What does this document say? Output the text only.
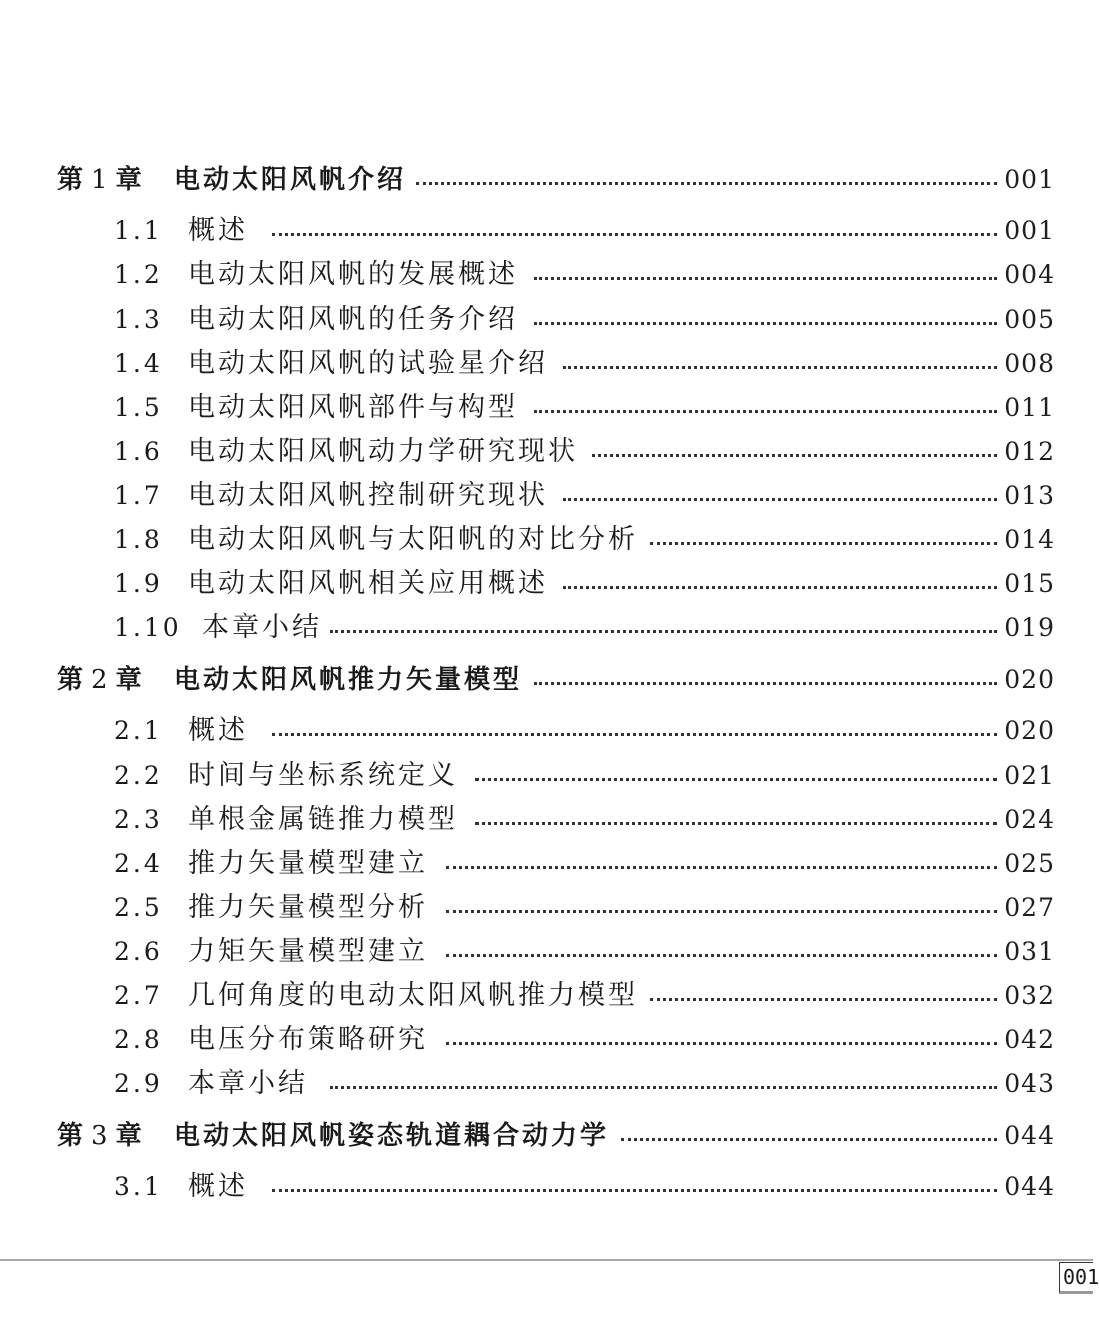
第 1 章 电动太阳风帆介绍	001
1.1 概述	001
1.2 电动太阳风帆的发展概述	004
1.3 电动太阳风帆的任务介绍	005
1.4 电动太阳风帆的试验星介绍	008
1.5 电动太阳风帆部件与构型	011
1.6 电动太阳风帆动力学研究现状	012
1.7 电动太阳风帆控制研究现状	013
1.8 电动太阳风帆与太阳帆的对比分析	014
1.9 电动太阳风帆相关应用概述	015
1.10 本章小结	019
第 2 章 电动太阳风帆推力矢量模型	020
2.1 概述	020
2.2 时间与坐标系统定义	021
2.3 单根金属链推力模型	024
2.4 推力矢量模型建立	025
2.5 推力矢量模型分析	027
2.6 力矩矢量模型建立	031
2.7 几何角度的电动太阳风帆推力模型	032
2.8 电压分布策略研究	042
2.9 本章小结	043
第 3 章 电动太阳风帆姿态轨道耦合动力学	044
3.1 概述	044
001
